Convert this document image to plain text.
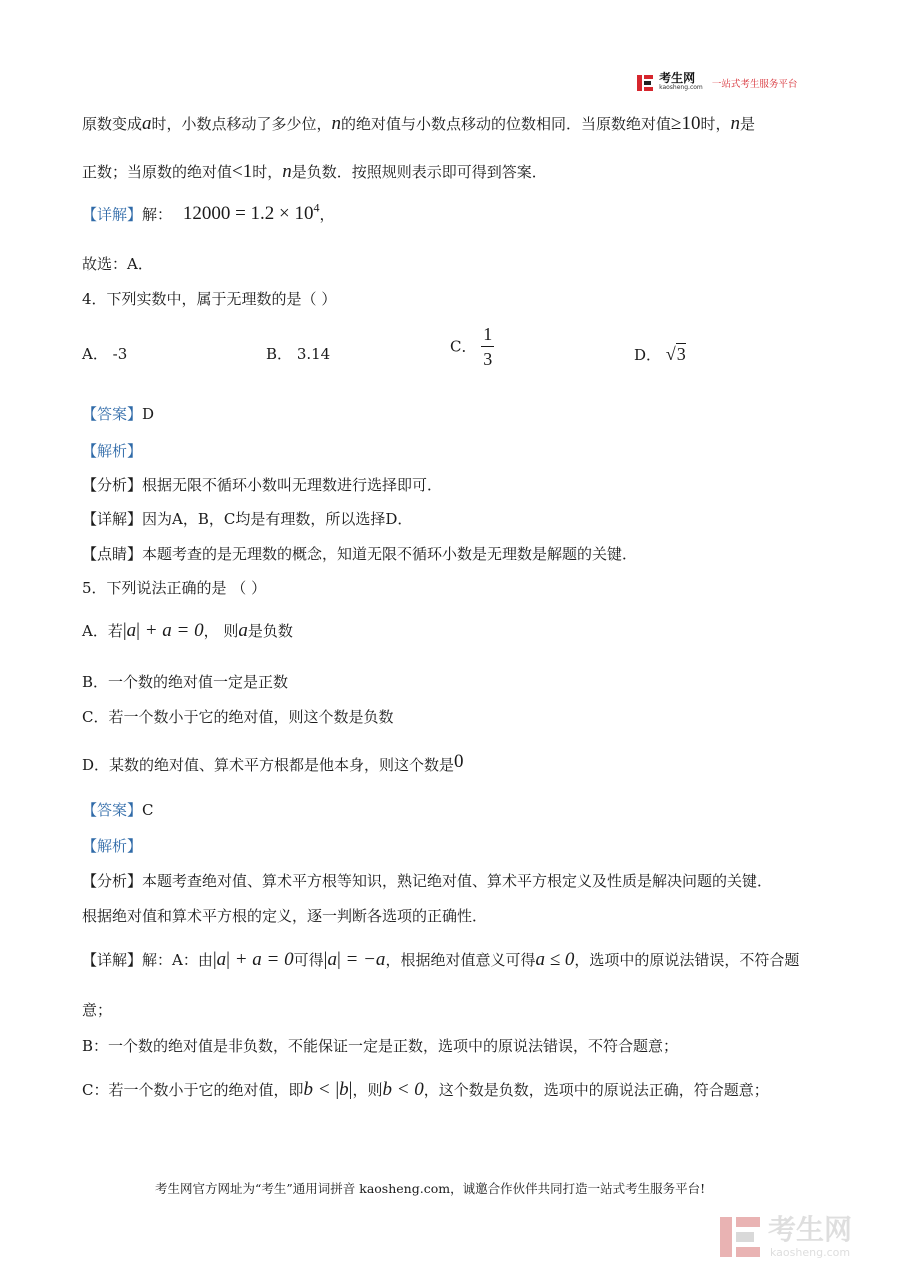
考生网
kaosheng.com 一站式考生服务平台
原数变成a时，小数点移动了多少位，n的绝对值与小数点移动的位数相同．当原数绝对值≥10时，n是
正数；当原数的绝对值<1时，n是负数．按照规则表示即可得到答案．
【详解】解： $12000 = 1.2 \times 10^4$，
故选：A．
4．下列实数中，属于无理数的是（ ）
A． -3	B． 3.14	C． $\frac{1}{3}$	D． √3
【答案】D
【解析】
【分析】根据无限不循环小数叫无理数进行选择即可．
【详解】因为A，B，C均是有理数，所以选择D．
【点睛】本题考查的是无理数的概念，知道无限不循环小数是无理数是解题的关键．
5．下列说法正确的是 （ ）
A．若|a| + a = 0， 则a是负数
B．一个数的绝对值一定是正数
C．若一个数小于它的绝对值，则这个数是负数
D．某数的绝对值、算术平方根都是他本身，则这个数是0
【答案】C
【解析】
【分析】本题考查绝对值、算术平方根等知识，熟记绝对值、算术平方根定义及性质是解决问题的关键．
根据绝对值和算术平方根的定义，逐一判断各选项的正确性．
【详解】解：A：由|a| + a = 0可得|a| = −a，根据绝对值意义可得a ≤ 0，选项中的原说法错误，不符合题
意；
B：一个数的绝对值是非负数，不能保证一定是正数，选项中的原说法错误，不符合题意；
C：若一个数小于它的绝对值，即b < |b|，则b < 0，这个数是负数，选项中的原说法正确，符合题意；
考生网官方网址为“考生”通用词拼音 kaosheng.com，诚邀合作伙伴共同打造一站式考生服务平台!
考生网
kaosheng.com
